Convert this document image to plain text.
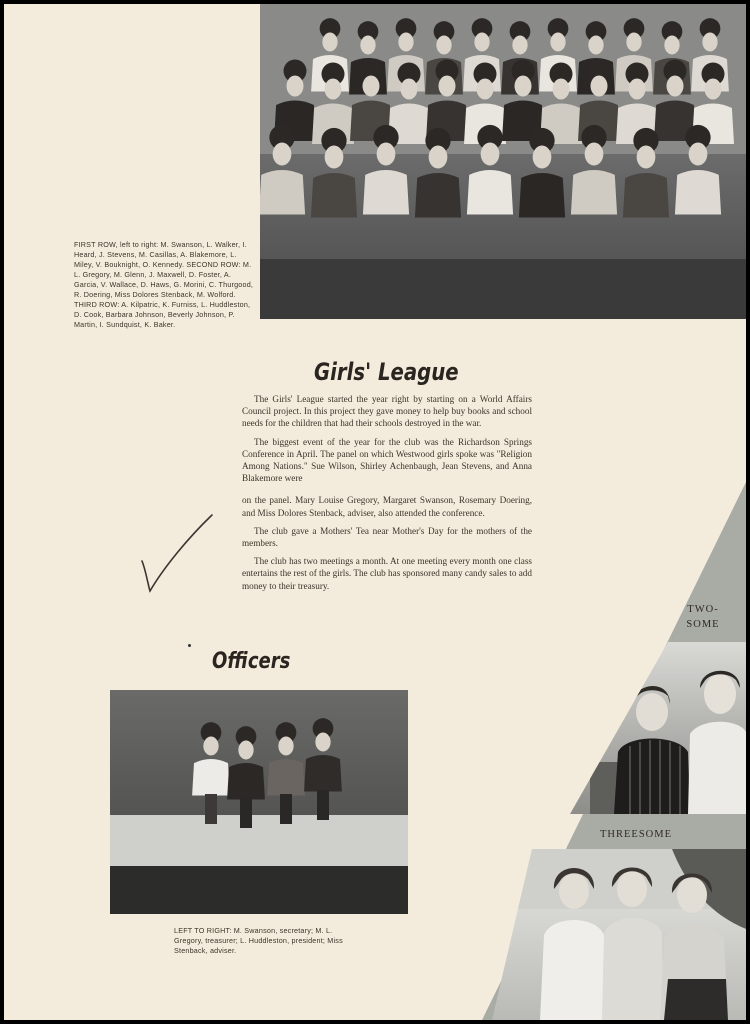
FIRST ROW, left to right: M. Swanson, L. Walker, I. Heard, J. Stevens, M. Casillas, A. Blakemore, L. Miley, V. Bouknight, O. Kennedy. SECOND ROW: M. L. Gregory, M. Glenn, J. Maxwell, D. Foster, A. Garcia, V. Wallace, D. Haws, G. Morini, C. Thurgood, R. Doering, Miss Dolores Stenback, M. Wolford. THIRD ROW: A. Kilpatric, K. Furniss, L. Huddleston, D. Cook, Barbara Johnson, Beverly Johnson, P. Martin, I. Sundquist, K. Baker.
Girls' League

The Girls' League started the year right by starting on a World Affairs Council project. In this project they gave money to help buy books and school needs for the children that had their schools destroyed in the war.

The biggest event of the year for the club was the Richardson Springs Conference in April. The panel on which Westwood girls spoke was "Religion Among Nations." Sue Wilson, Shirley Achenbaugh, Jean Stevens, and Anna Blakemore were

on the panel. Mary Louise Gregory, Margaret Swanson, Rosemary Doering, and Miss Dolores Stenback, adviser, also attended the conference.

The club gave a Mothers' Tea near Mother's Day for the mothers of the members.

The club has two meetings a month. At one meeting every month one class entertains the rest of the girls. The club has sponsored many candy sales to add money to their treasury.

Officers
LEFT TO RIGHT: M. Swanson, secretary; M. L. Gregory, treasurer; L. Huddleston, president; Miss Stenback, adviser.
TWO-SOME
THREESOME
